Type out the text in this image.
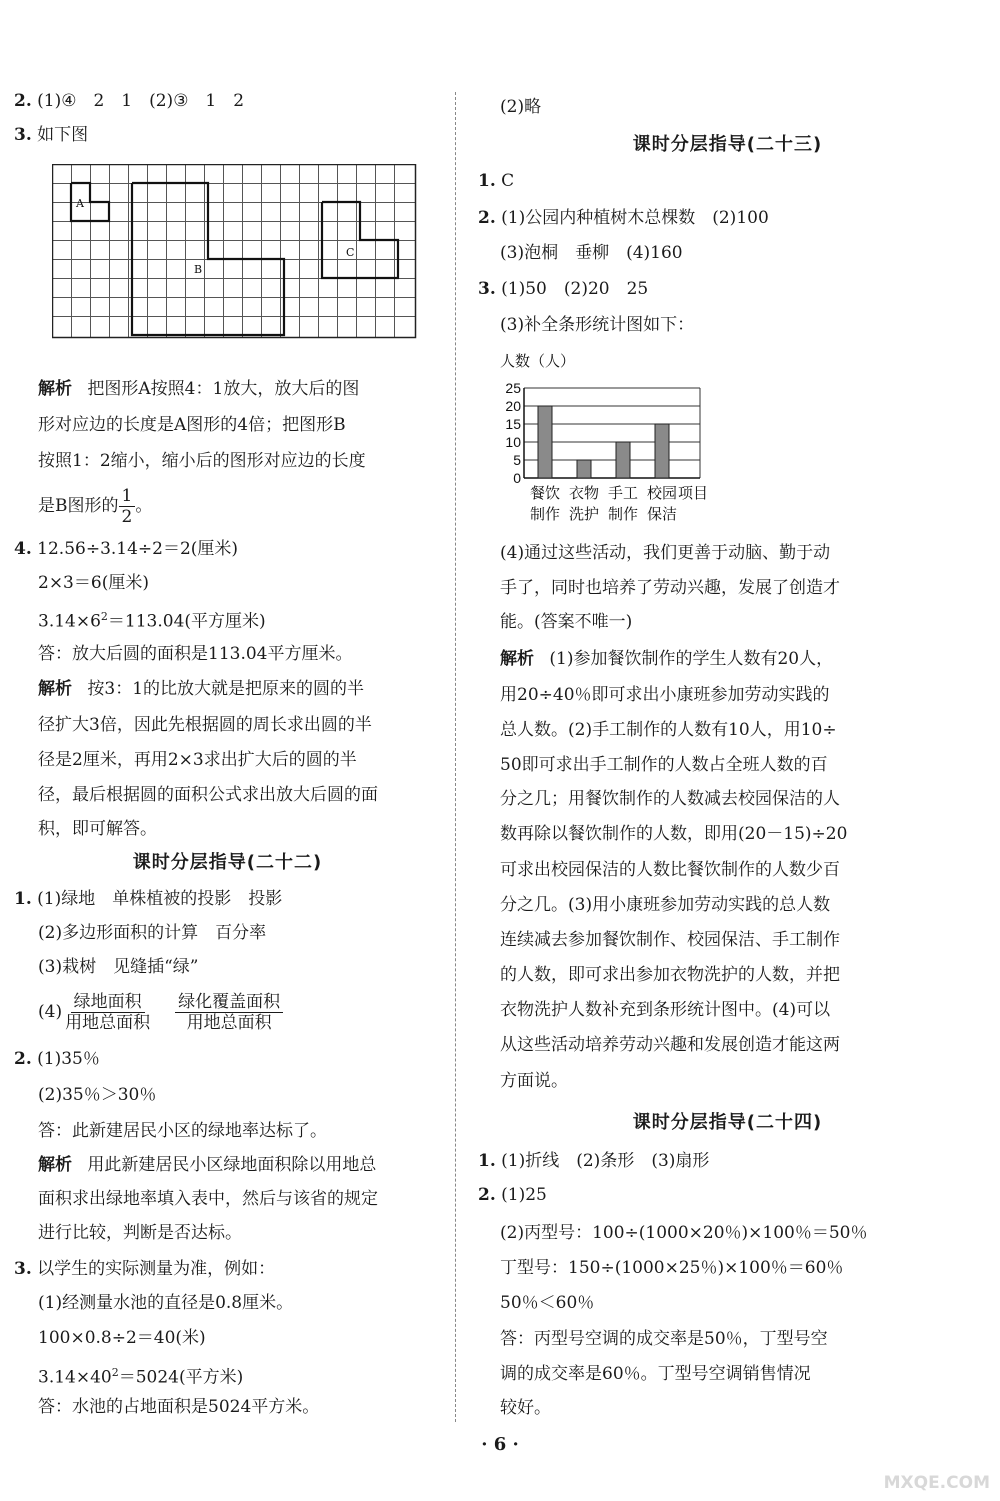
2. (1)④　2　1　(2)③　1　2
3. 如下图
A
B
C
解析 把图形A按照4：1放大，放大后的图
形对应边的长度是A图形的4倍；把图形B
按照1：2缩小，缩小后的图形对应边的长度
是B图形的 $\frac{1}{2}$ 。
4. 12.56÷3.14÷2＝2(厘米)
2×3＝6(厘米)
$3.14\times 6^2=113.04$(平方厘米)
答：放大后圆的面积是113.04平方厘米。
解析 按3：1的比放大就是把原来的圆的半
径扩大3倍，因此先根据圆的周长求出圆的半
径是2厘米，再用2×3求出扩大后的圆的半
径，最后根据圆的面积公式求出放大后圆的面
积，即可解答。
课时分层指导(二十二)
1. (1)绿地　单株植被的投影　投影
(2)多边形面积的计算　百分率
(3)栽树　见缝插“绿”
$(4) \frac{\text{绿地面积}}{\text{用地总面积}} \frac{\text{绿化覆盖面积}}{\text{用地总面积}}$
2. (1)35％
(2)35％＞30％
答：此新建居民小区的绿地率达标了。
解析 用此新建居民小区绿地面积除以用地总
面积求出绿地率填入表中，然后与该省的规定
进行比较，判断是否达标。
3. 以学生的实际测量为准，例如：
(1)经测量水池的直径是0.8厘米。
100×0.8÷2＝40(米)
$3.14\times 40^2=5024$(平方米)
答：水池的占地面积是5024平方米。
(2)略
课时分层指导(二十三)
1. C
2. (1)公园内种植树木总棵数　(2)100
(3)泡桐　垂柳　(4)160
3. (1)50　(2)20　25
(3)补全条形统计图如下：
人数（人）
0
5
10
15
20
25
餐饮
制作
衣物
洗护
手工
制作
校园
保洁
项目
(4)通过这些活动，我们更善于动脑、勤于动
手了，同时也培养了劳动兴趣，发展了创造才
能。(答案不唯一)
解析 (1)参加餐饮制作的学生人数有20人，
用20÷40％即可求出小康班参加劳动实践的
总人数。(2)手工制作的人数有10人，用10÷
50即可求出手工制作的人数占全班人数的百
分之几；用餐饮制作的人数减去校园保洁的人
数再除以餐饮制作的人数，即用(20－15)÷20
可求出校园保洁的人数比餐饮制作的人数少百
分之几。(3)用小康班参加劳动实践的总人数
连续减去参加餐饮制作、校园保洁、手工制作
的人数，即可求出参加衣物洗护的人数，并把
衣物洗护人数补充到条形统计图中。(4)可以
从这些活动培养劳动兴趣和发展创造才能这两
方面说。
课时分层指导(二十四)
1. (1)折线　(2)条形　(3)扇形
2. (1)25
(2)丙型号：100÷(1000×20％)×100％＝50％
丁型号：150÷(1000×25％)×100％＝60％
50％＜60％
答：丙型号空调的成交率是50％，丁型号空
调的成交率是60％。丁型号空调销售情况
较好。
· 6 ·
MXQE.COM
